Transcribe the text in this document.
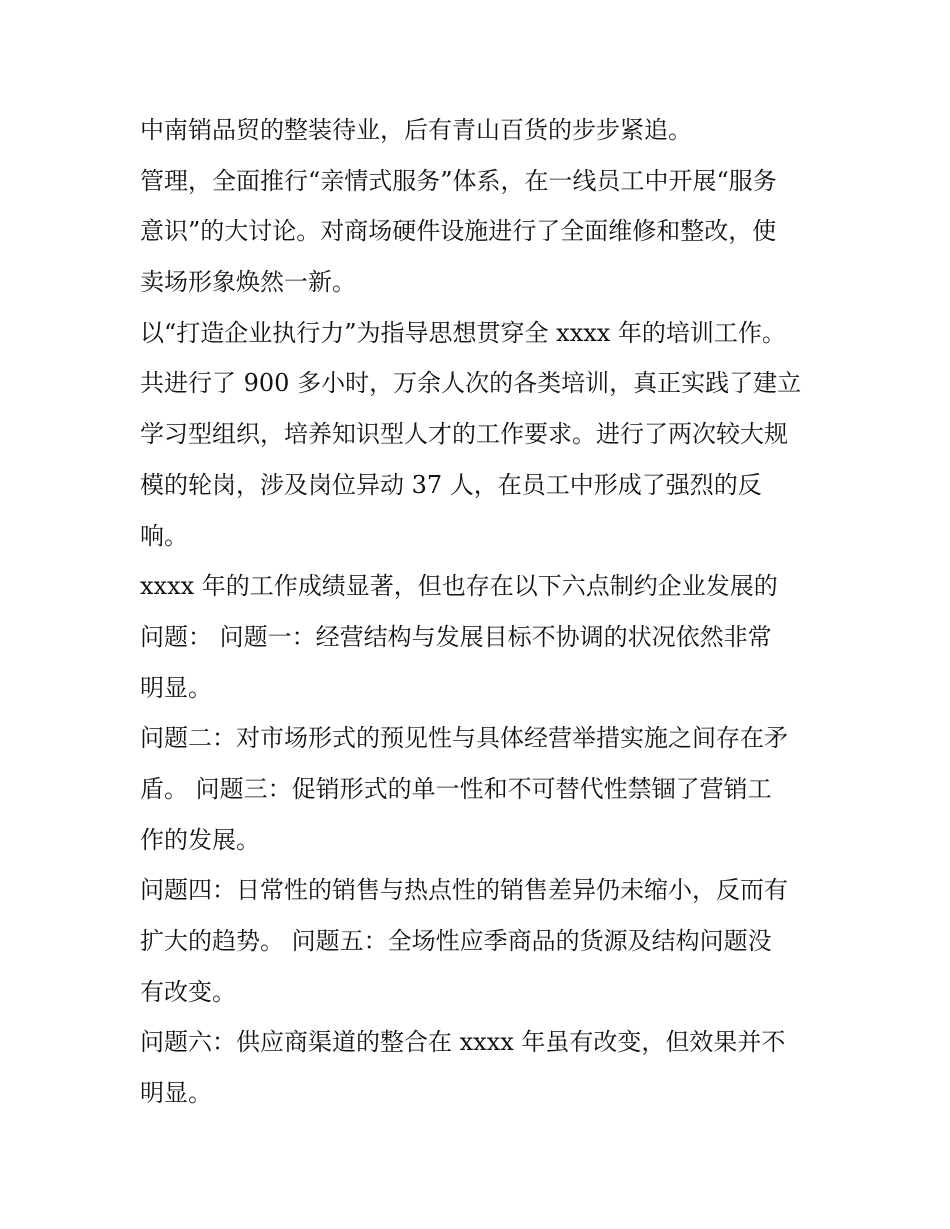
中南销品贸的整装待业，后有青山百货的步步紧追。

管理，全面推行“亲情式服务”体系，在一线员工中开展“服务

意识”的大讨论。对商场硬件设施进行了全面维修和整改，使

卖场形象焕然一新。

以“打造企业执行力”为指导思想贯穿全 xxxx 年的培训工作。

共进行了 900 多小时，万余人次的各类培训，真正实践了建立

学习型组织，培养知识型人才的工作要求。进行了两次较大规

模的轮岗，涉及岗位异动 37 人，在员工中形成了强烈的反

响。

xxxx 年的工作成绩显著，但也存在以下六点制约企业发展的

问题： 问题一：经营结构与发展目标不协调的状况依然非常

明显。

问题二：对市场形式的预见性与具体经营举措实施之间存在矛

盾。 问题三：促销形式的单一性和不可替代性禁锢了营销工

作的发展。

问题四：日常性的销售与热点性的销售差异仍未缩小，反而有

扩大的趋势。 问题五：全场性应季商品的货源及结构问题没

有改变。

问题六：供应商渠道的整合在 xxxx 年虽有改变，但效果并不

明显。
